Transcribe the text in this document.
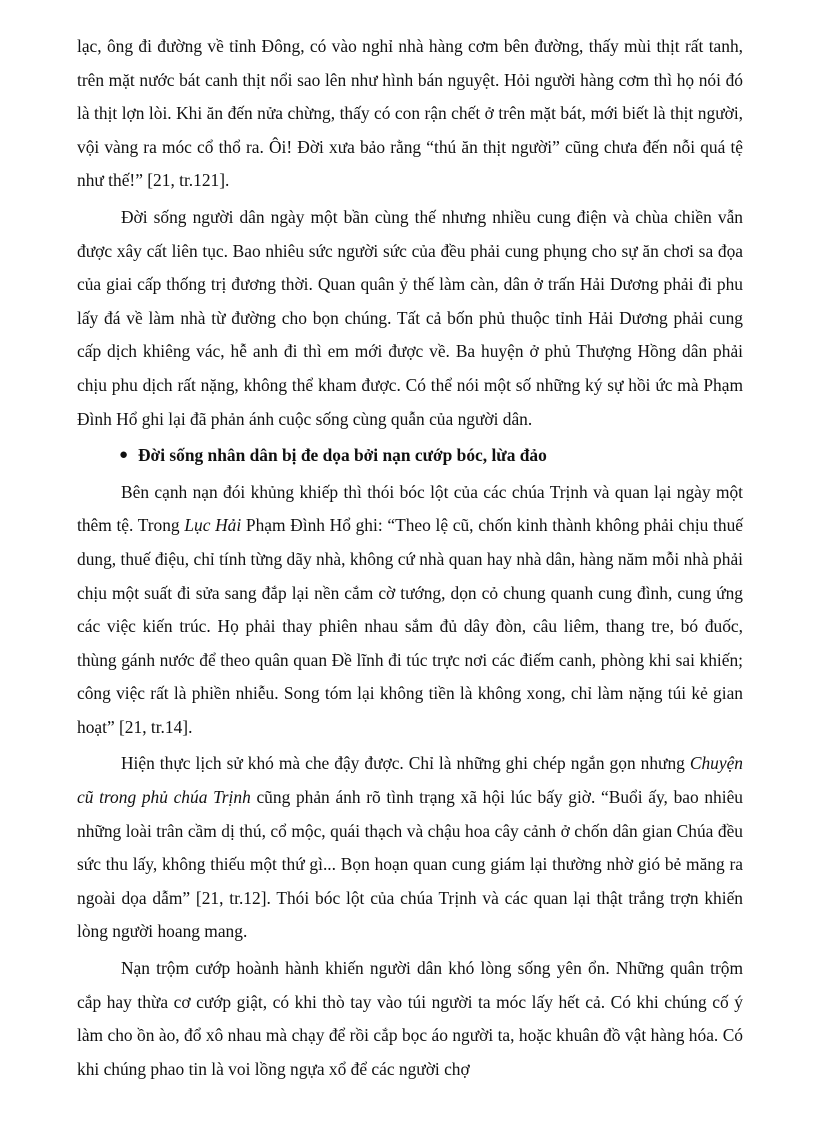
lạc, ông đi đường về tỉnh Đông, có vào nghỉ nhà hàng cơm bên đường, thấy mùi thịt rất tanh, trên mặt nước bát canh thịt nổi sao lên như hình bán nguyệt. Hỏi người hàng cơm thì họ nói đó là thịt lợn lòi. Khi ăn đến nửa chừng, thấy có con rận chết ở trên mặt bát, mới biết là thịt người, vội vàng ra móc cổ thổ ra. Ôi! Đời xưa bảo rằng “thú ăn thịt người” cũng chưa đến nỗi quá tệ như thế!” [21, tr.121].

Đời sống người dân ngày một bần cùng thế nhưng nhiều cung điện và chùa chiền vẫn được xây cất liên tục. Bao nhiêu sức người sức của đều phải cung phụng cho sự ăn chơi sa đọa của giai cấp thống trị đương thời. Quan quân ỷ thế làm càn, dân ở trấn Hải Dương phải đi phu lấy đá về làm nhà từ đường cho bọn chúng. Tất cả bốn phủ thuộc tỉnh Hải Dương phải cung cấp dịch khiêng vác, hễ anh đi thì em mới được về. Ba huyện ở phủ Thượng Hồng dân phải chịu phu dịch rất nặng, không thể kham được. Có thể nói một số những ký sự hồi ức mà Phạm Đình Hổ ghi lại đã phản ánh cuộc sống cùng quẫn của người dân.

● Đời sống nhân dân bị đe dọa bởi nạn cướp bóc, lừa đảo

Bên cạnh nạn đói khủng khiếp thì thói bóc lột của các chúa Trịnh và quan lại ngày một thêm tệ. Trong Lục Hải Phạm Đình Hổ ghi: “Theo lệ cũ, chốn kinh thành không phải chịu thuế dung, thuế điệu, chỉ tính từng dãy nhà, không cứ nhà quan hay nhà dân, hàng năm mỗi nhà phải chịu một suất đi sửa sang đắp lại nền cắm cờ tướng, dọn cỏ chung quanh cung đình, cung ứng các việc kiến trúc. Họ phải thay phiên nhau sắm đủ dây đòn, câu liêm, thang tre, bó đuốc, thùng gánh nước để theo quân quan Đề lĩnh đi túc trực nơi các điếm canh, phòng khi sai khiến; công việc rất là phiền nhiễu. Song tóm lại không tiền là không xong, chỉ làm nặng túi kẻ gian hoạt” [21, tr.14].

Hiện thực lịch sử khó mà che đậy được. Chỉ là những ghi chép ngắn gọn nhưng Chuyện cũ trong phủ chúa Trịnh cũng phản ánh rõ tình trạng xã hội lúc bấy giờ. “Buổi ấy, bao nhiêu những loài trân cầm dị thú, cổ mộc, quái thạch và chậu hoa cây cảnh ở chốn dân gian Chúa đều sức thu lấy, không thiếu một thứ gì... Bọn hoạn quan cung giám lại thường nhờ gió bẻ măng ra ngoài dọa dẫm” [21, tr.12]. Thói bóc lột của chúa Trịnh và các quan lại thật trắng trợn khiến lòng người hoang mang.

Nạn trộm cướp hoành hành khiến người dân khó lòng sống yên ổn. Những quân trộm cắp hay thừa cơ cướp giật, có khi thò tay vào túi người ta móc lấy hết cả. Có khi chúng cố ý làm cho ồn ào, đổ xô nhau mà chạy để rồi cắp bọc áo người ta, hoặc khuân đồ vật hàng hóa. Có khi chúng phao tin là voi lồng ngựa xổ để các người chợ
